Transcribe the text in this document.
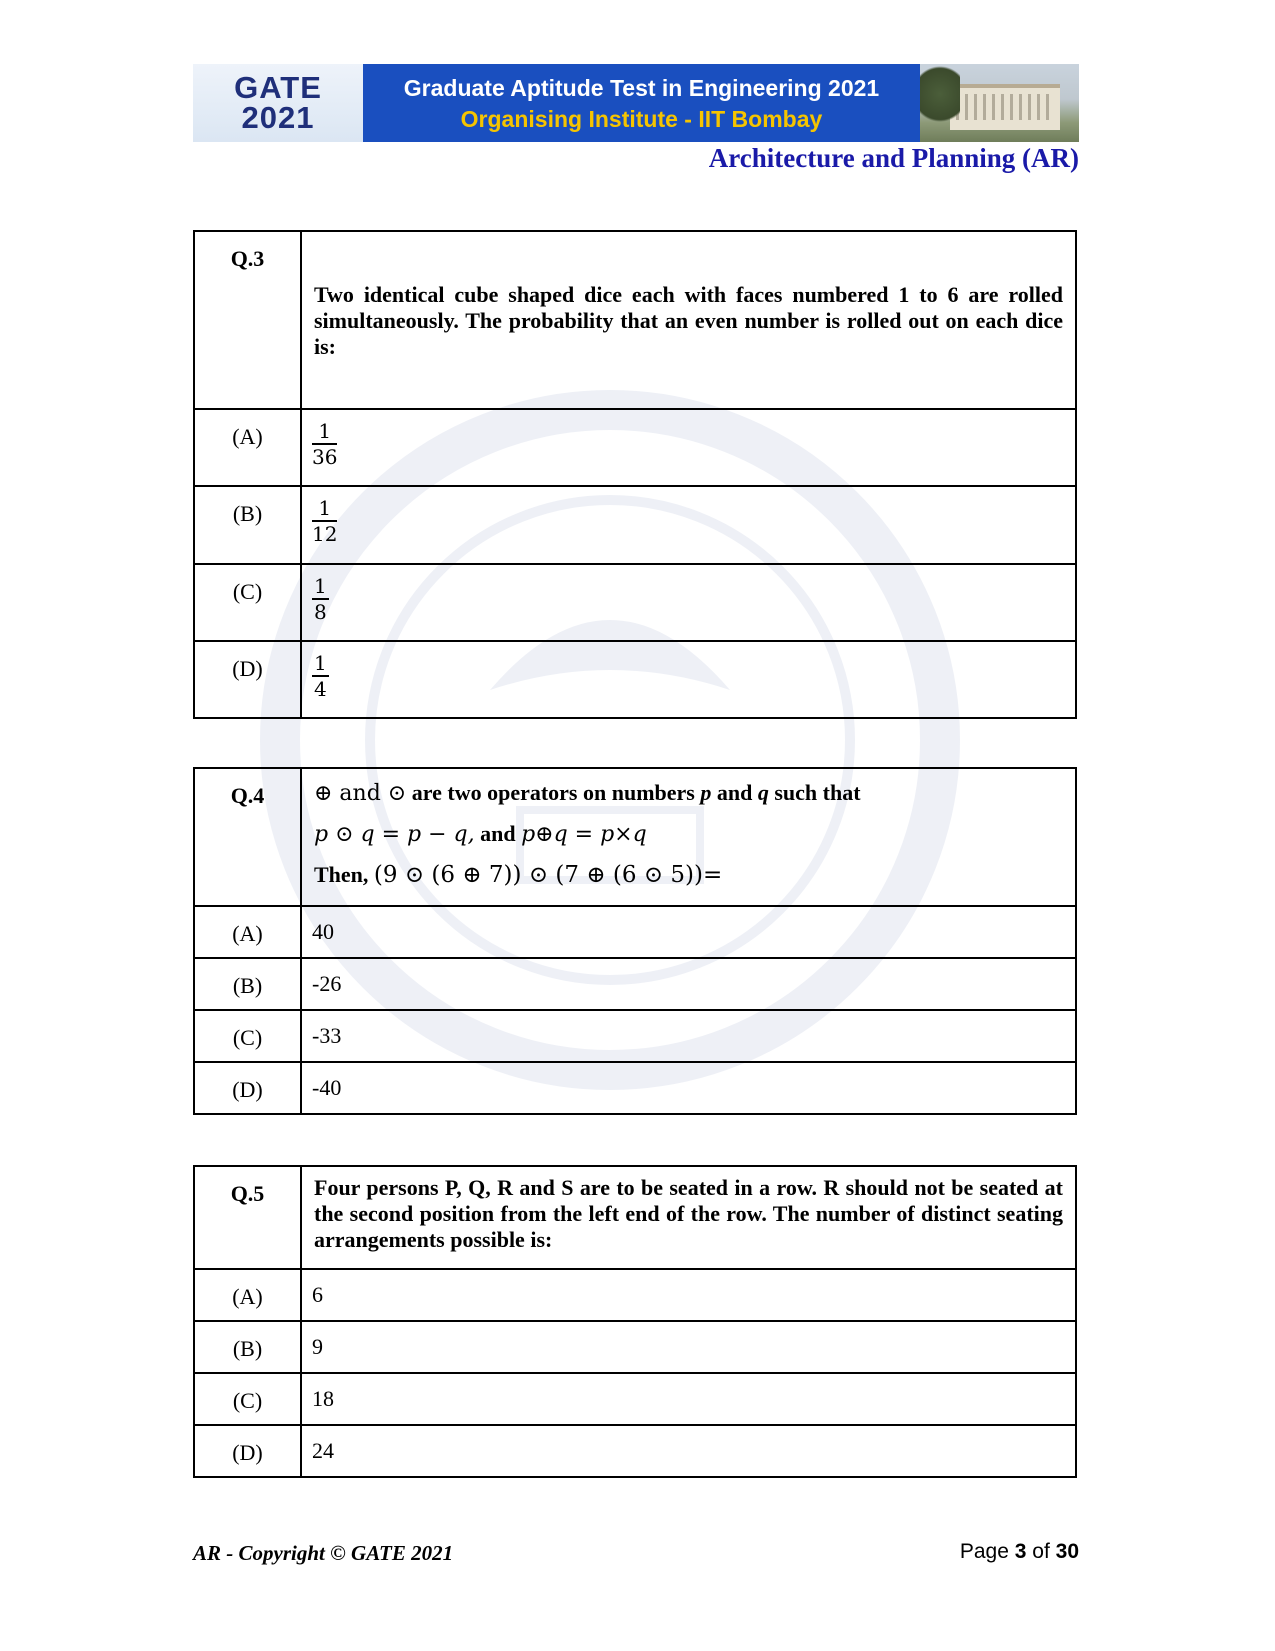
GATE
2021
Graduate Aptitude Test in Engineering 2021
Organising Institute - IIT Bombay
Architecture and Planning (AR)
Q.3	Two identical cube shaped dice each with faces numbered 1 to 6 are rolled simultaneously. The probability that an even number is rolled out on each dice is:
(A)	$\frac{1}{36}$

(B)	$\frac{1}{12}$

(C)	$\frac{1}{8}$

(D)	$\frac{1}{4}$
Q.4	⊕ and ⊙ are two operators on numbers p and q such that
p ⊙ q = p − q, and p⊕q = p×q
Then, (9 ⊙ (6 ⊕ 7)) ⊙ (7 ⊕ (6 ⊙ 5))=

(A)	40
(B)	-26
(C)	-33
(D)	-40
Q.5	Four persons P, Q, R and S are to be seated in a row. R should not be seated at the second position from the left end of the row. The number of distinct seating arrangements possible is:
(A)	6
(B)	9
(C)	18
(D)	24
AR - Copyright © GATE 2021	Page 3 of 30
